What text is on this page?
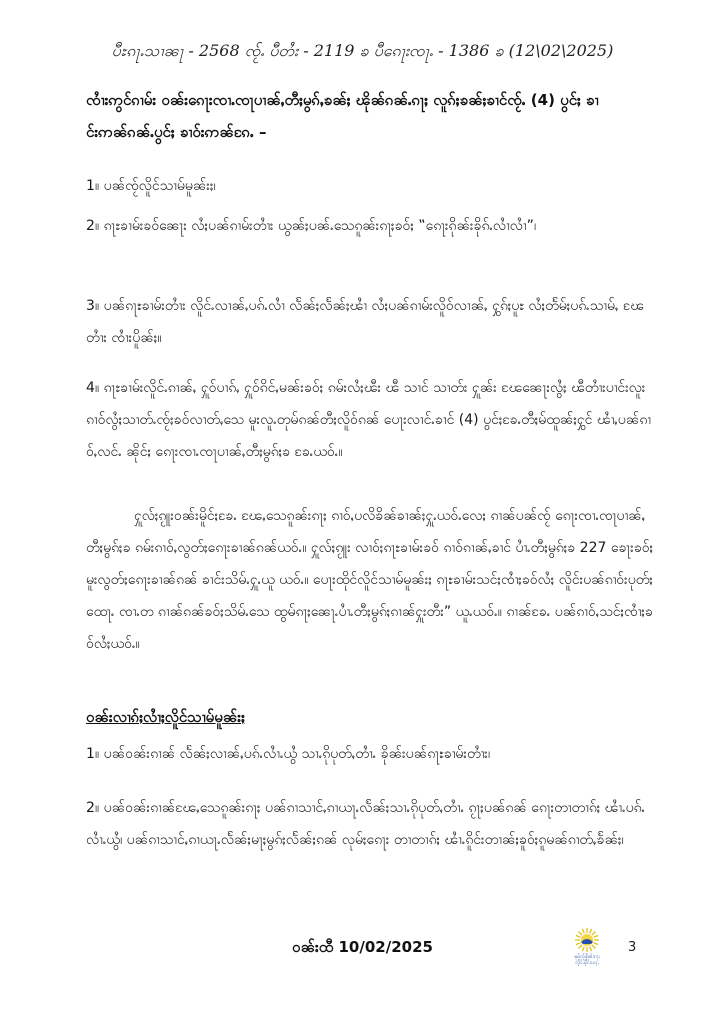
ပီႊၵႃႉသၢၼႃ - 2568 ၸႂ်ႉ ပီတႆး - 2119 ၶ ပီၵေႃးၸႃႉ - 1386 ၶ (12\02\2025)
ၸၢႆးဢွင်ၵၢမ်း ဝၼ်းၵေႃးၸၢႉၸႃပၢၼ်ႇတီႈမွၵ်ႇၶၼ်ႈ ၽိုၼ်ၵၼ်ႉၵႃႈ လူၵ်ႈၶၼ်ႈၶၢင်ၸႂ်ႉ (4) ပွင်ႈ ၶၢင်းဢၼ်ၵၼ်ႉပွင်ႈ ၶၢဝ်းဢၼ်ၵႄႉ –
1။ ပၼ်ၸႂ်လိူင်သၢမ်မူၼ်းႈ၊
2။ ၵႃႊၶၢမ်းၶဝ်ၼေႃး လႆႈပၼ်ၵၢမ်းတၢႆး ယွၼ်ႈပၼ်ႉသေၵူၼ်းၵႃႈၶဝ်ႈ ‟ၵေႃးၵိုၼ်းၶိုၵ်ႉလၢႆလၢႆ”၊
3။ ပၼ်ၵႃႊၶၢမ်းတၢႆး လိူင်ႉလၢၼ်ႇပၵ်ႉလၢႆ လႅၼ်ႈလႅၼ်ႈၽၢႆ လႆႈပၼ်ၵၢမ်းလိူဝ်လၢၼ်ႇ ႁွၵ်ႈပူႊ လႆႈတႅမ်ႈပၵ်ႉသၢမ်ႇ ၽႄတၢႆး ၸၢႆးပိူၼ်ႈ။
4။ ၵႃႊၶၢမ်းလိူင်ႉၵၢၼ်ႇ ႁူဝ်ပၢၵ်ႇ ႁူဝ်ၵိင်ႇမၼ်းၶဝ်ႈ ၵမ်းလႆႈၽီး ၽီ သၢင် သၢတ်း ႁူၼ်း ၽႄၼေႃးလွႆႈ ၽီတၢႆးပၢင်းလူး ၵၢဝ်လွႆႈသၢတ်ႉၸႂ်ႈၶဝ်လၢတ်ႇသေ မူးလူႉတုမ်ၵၼ်တီႈလိူဝ်ၵၼ် ပေႃးလၢင်ႉၶၢင် (4) ပွင်ႈၶႄႉတီႈမ်ထူၼ်ႈႁွင် ၽၢႆႇပၼ်ၵၢဝ်ႇလင်ႉ ၼိုင်ႈ ၵေႃးၸၢႉၸႃပၢၼ်ႇတီႈမွၵ်ႈၶ ၶႄႉယဝ်ႉ။
ႁူလ်ႈၵႂူးဝၼ်းမိူင်ႈၶႄႉ ၽႄႇသေၵူၼ်းၵႃႈ ၵၢဝ်ႇပလိၶိၼ်ၶၢၼ်ႈႁူႉယဝ်ႉလေႈ ၵၢၼ်ပၼ်ၸႂ် ၵေႃးၸၢႉၸႃပၢၼ်ႇတီႈမွၵ်ႈၶ ၵမ်းၵၢဝ်ႇလွတ်ႈၵေႃးၶၢၼ်ၵၼ်ယဝ်ႉ။ ႁူလ်ႈၵႂူး လၢဝ်ႈၵႃႊၶၢမ်းၶဝ် ၵၢဝ်ၵၢၼ်ႇၶၢင် ပၢႆႉတီႈမွၵ်ႈၶ 227 ၶေႃးၶဝ်ႈ မူးလွတ်ႈၵေႃးၶၢၼ်ၵၼ် ၶၢင်းသိမ်ႉႁူႉယူ ယဝ်ႉ။ ပေႃးထိုင်လိူင်သၢမ်မူၼ်းႈ ၵႃႊၶၢမ်းသင်ႈၸၢႆႈၶဝ်လႆႈ လိူင်းပၼ်ၵၢဝ်းပုတ်ႈထေႃႉ ၸၢႉတ ၵၢၼ်ၵၼ်ၶဝ်ႈသိမ်ႉသေ ထွမ်ၵႃႈၼေႃႉပၢႆႉတီႈမွၵ်ႈၵၢၼ်ႁူးတီး” ယူႉယဝ်ႉ။ ၵၢၼ်ၶႄႉ ပၼ်ၵၢဝ်ႇသင်ႈၸၢႆႈၶဝ်လႆႈယဝ်ႉ။
ဝၼ်းလၢၵ်ႈလၢႆႈလိူင်သၢမ်မူၼ်းႈ
1။ ပၼ်ဝၼ်းၵၢၼ် လႅၼ်ႈလၢၼ်ႇပၵ်ႉလၢႆႉယွႆ သၢႉၵိုပုတ်ႇတၢႆႉ ၶိုၼ်းပၼ်ၵႃႊၶၢမ်းတၢႆး၊
2။ ပၼ်ဝၼ်းၵၢၼ်ၽႄႇသေၵူၼ်းၵႃႈ ပၼ်ၵၢသၢင်ႇၵၢယႃႉလႅၼ်ႈသၢႉၵိုပုတ်ႇတၢႆႉ ၵႂႃႈပၼ်ၵၼ် ၵေႃးတၢတၢၵ်ႈ ၽၢႆႉပၵ်ႉလၢႆႉယွႆ၊ ပၼ်ၵၢသၢင်ႇၵၢယႃႉလႅၼ်ႈမႃႈမွၵ်ႈလႅၼ်ႈၵၼ် လုမ်ႈၵေႃး တၢတၢၵ်ႈ ၽၢႆႉၵိူင်းတၢၼ်ႈၶူဝ်ႈၵူမၼ်ၵၢတ်ႇၶႅၼ်ႈ၊
ဝၼ်းထီ 10/02/2025
ၶုမ်ၸႂ်ၶိုၼ်းၵႃႈ
လိူင်ႉမိူင်းယႃႇ
3
